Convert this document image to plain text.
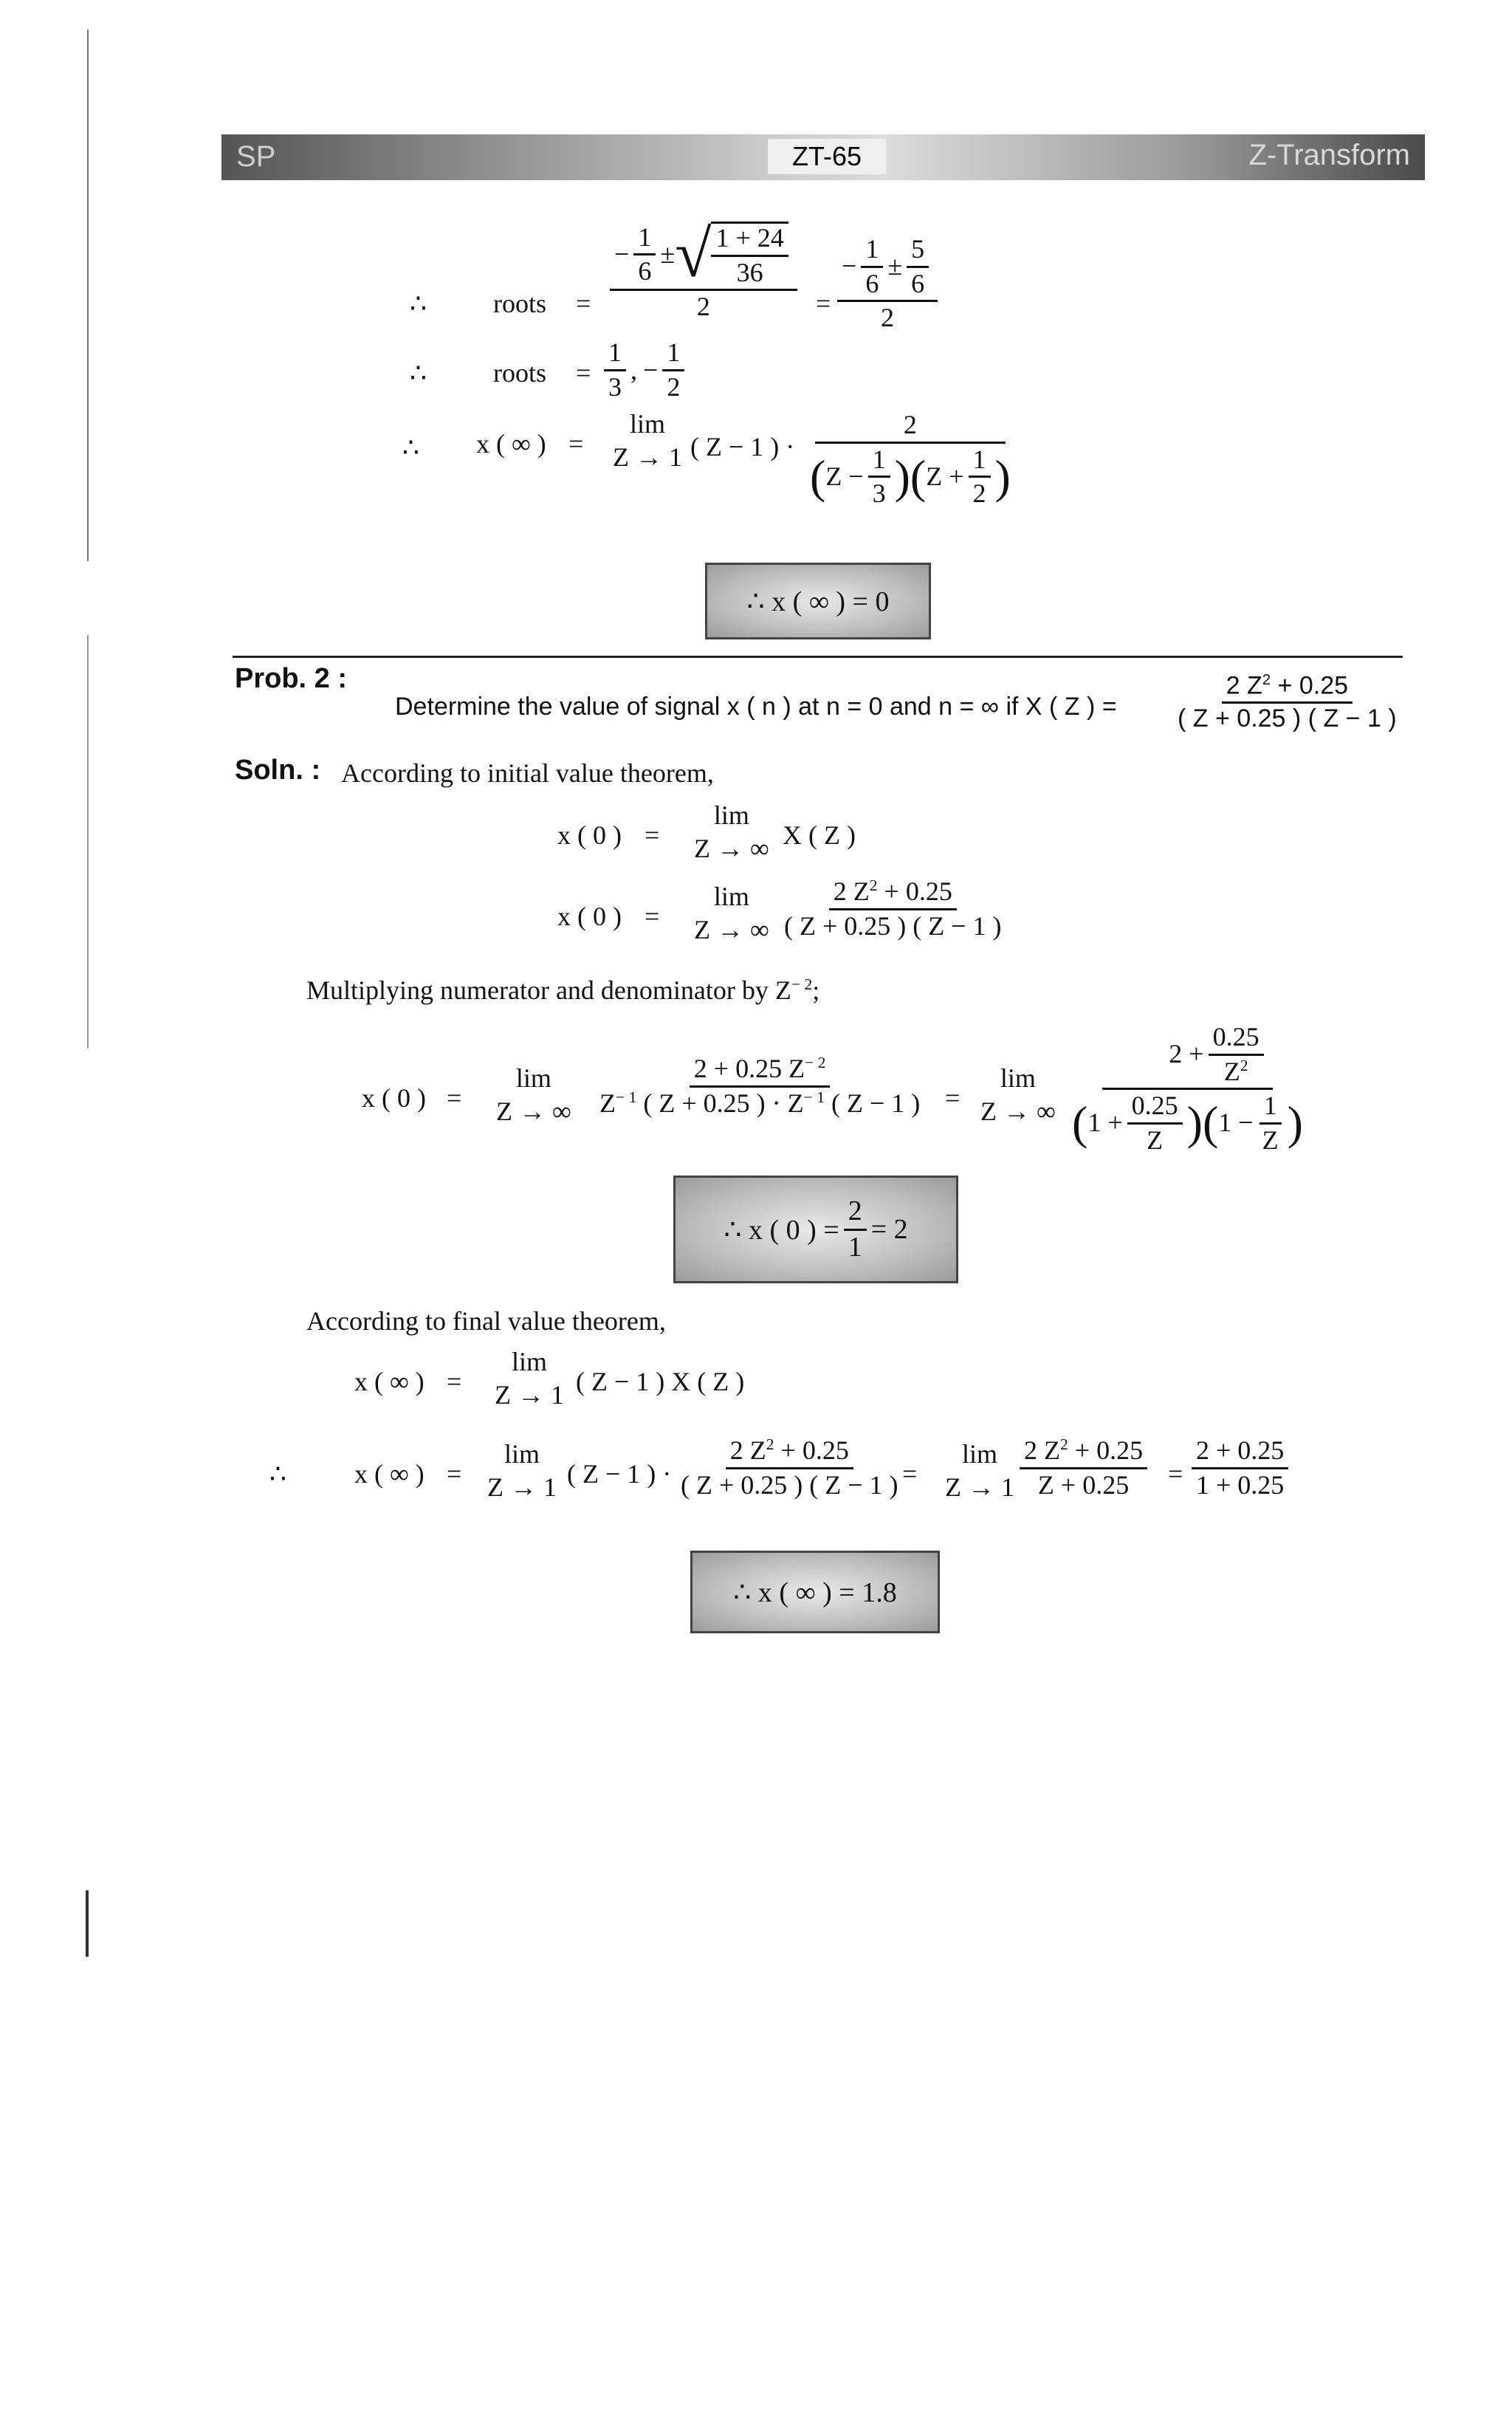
SP	ZT-65	Z-Transform
∴	roots =
− $\frac{1}{6}$ ± √ $\frac{1 + 24}{36}$
2	=
− $\frac{1}{6} \pm \frac{5}{6}$
2
∴	roots = $\frac{1}{3}$ , − $\frac{1}{2}$
∴ x ( ∞ ) =
lim
Z → 1 ( Z − 1 ) ·
2
( $Z - \frac{1}{3}$ ) ( $Z + \frac{1}{2}$ )
∴ x ( ∞ ) = 0
Prob. 2 :
Determine the value of signal x ( n ) at n = 0 and n = ∞ if X ( Z ) = $\frac{2 Z^2 + 0.25}{( Z + 0.25 ) ( Z - 1 )}$
Soln. : According to initial value theorem,
x ( 0 ) =
lim
Z → ∞ X ( Z )
x ( 0 ) =
lim
Z → ∞ $\frac{2 Z^2 + 0.25}{( Z + 0.25 ) ( Z - 1 )}$
Multiplying numerator and denominator by $Z^{- 2}$;
x ( 0 ) =
lim
Z → ∞ $\frac{2 + 0.25 Z^{- 2}}{Z^{- 1} ( Z + 0.25 ) \cdot Z^{- 1} ( Z - 1 )}$ =
lim
Z → ∞
$2 + \frac{0.25}{Z^2}$
( $1 + \frac{0.25}{Z}$ ) ( $1 - \frac{1}{Z}$ )
∴ x ( 0 ) = $\frac{2}{1} = 2$
According to final value theorem,
x ( ∞ ) =
lim
Z → 1 ( Z − 1 ) X ( Z )
∴	x ( ∞ ) =
lim
Z → 1 ( Z − 1 ) · $\frac{2 Z^2 + 0.25}{( Z + 0.25 ) ( Z - 1 )}$ =
lim
$Z \to 1 \frac{2 Z^2 + 0.25}{Z + 0.25} = \frac{2 + 0.25}{1 + 0.25}$
∴ x ( ∞ ) = 1.8
